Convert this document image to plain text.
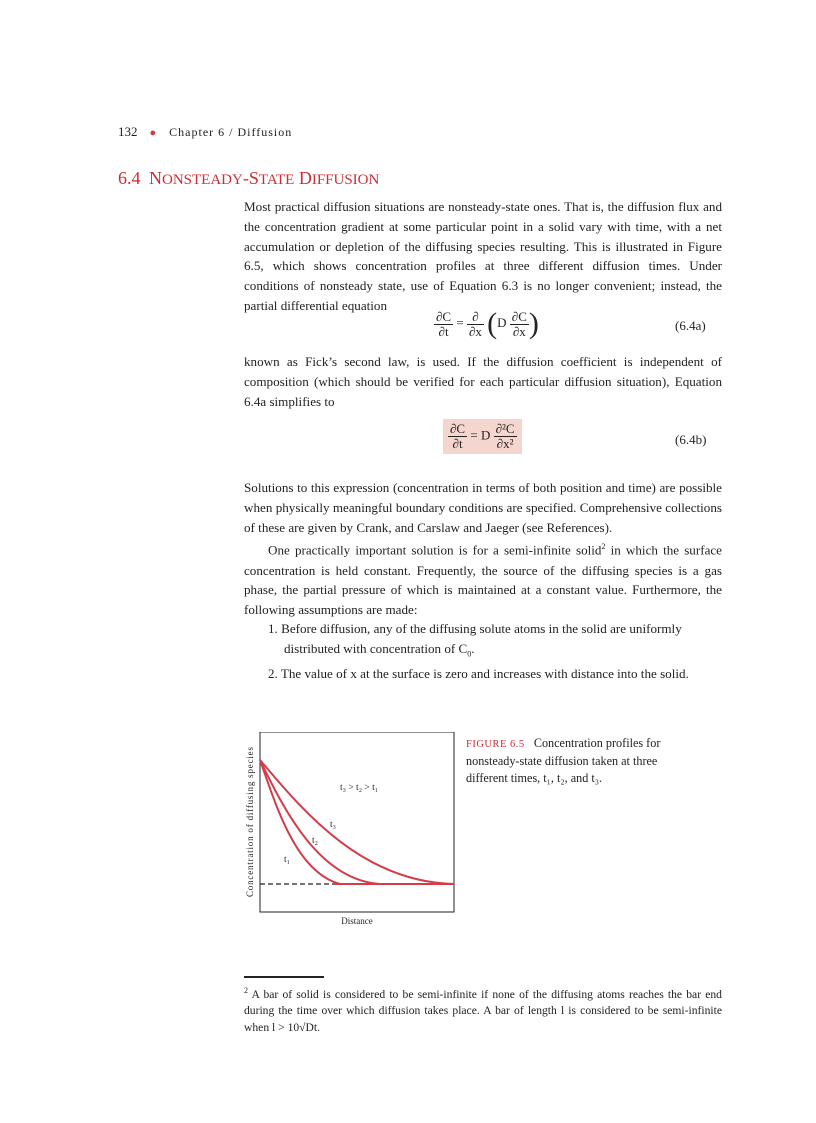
132 ● Chapter 6 / Diffusion
6.4 NONSTEADY-STATE DIFFUSION

Most practical diffusion situations are nonsteady-state ones. That is, the diffusion flux and the concentration gradient at some particular point in a solid vary with time, with a net accumulation or depletion of the diffusing species resulting. This is illustrated in Figure 6.5, which shows concentration profiles at three different diffusion times. Under conditions of nonsteady state, use of Equation 6.3 is no longer convenient; instead, the partial differential equation

$\frac{\partial C}{\partial t} = \frac{\partial}{\partial x} (D \frac{\partial C}{\partial x}$ )	(6.4a)

known as Fick’s second law, is used. If the diffusion coefficient is independent of composition (which should be verified for each particular diffusion situation), Equation 6.4a simplifies to

$\frac{\partial C}{\partial t} = D \frac{\text{∂²C}}{\text{∂x²}}$	(6.4b)

Solutions to this expression (concentration in terms of both position and time) are possible when physically meaningful boundary conditions are specified. Comprehensive collections of these are given by Crank, and Carslaw and Jaeger (see References).

One practically important solution is for a semi-infinite solid$^2$ in which the surface concentration is held constant. Frequently, the source of the diffusing species is a gas phase, the partial pressure of which is maintained at a constant value. Furthermore, the following assumptions are made:

1. Before diffusion, any of the diffusing solute atoms in the solid are uniformly distributed with concentration of $C_0$.
2. The value of x at the surface is zero and increases with distance into the solid.
t₃ > t₂ > t₁
t₁
t₂
t₃
Concentration of diffusing species
Distance
FIGURE 6.5 Concentration profiles for nonsteady-state diffusion taken at three different times, t₁, t₂, and t₃.
$^2$ A bar of solid is considered to be semi-infinite if none of the diffusing atoms reaches the bar end during the time over which diffusion takes place. A bar of length l is considered to be semi-infinite when l > 10√Dt.
